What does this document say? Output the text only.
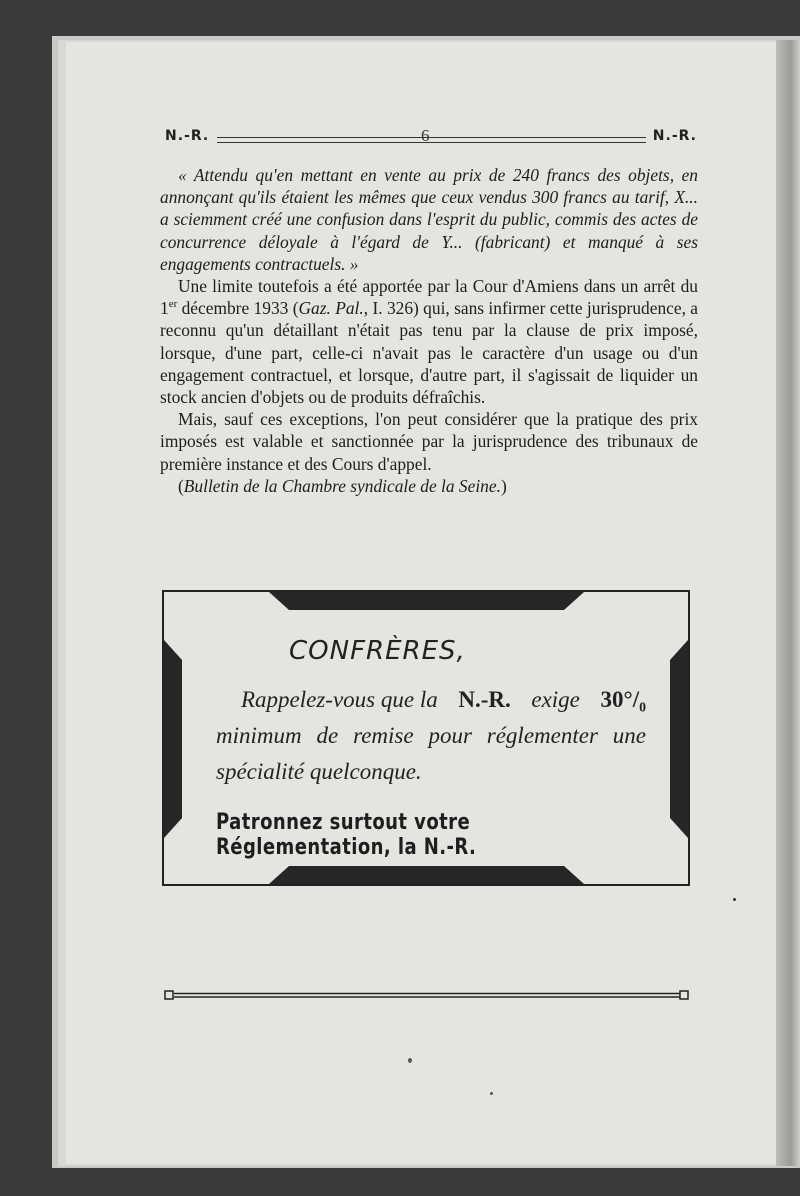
N.-R.	6	N.-R.

« Attendu qu'en mettant en vente au prix de 240 francs des objets, en annonçant qu'ils étaient les mêmes que ceux vendus 300 francs au tarif, X... a sciemment créé une confusion dans l'esprit du public, commis des actes de concurrence déloyale à l'égard de Y... (fabricant) et manqué à ses engagements contractuels. »

Une limite toutefois a été apportée par la Cour d'Amiens dans un arrêt du 1er décembre 1933 (Gaz. Pal., I. 326) qui, sans infirmer cette jurisprudence, a reconnu qu'un détaillant n'était pas tenu par la clause de prix imposé, lorsque, d'une part, celle-ci n'avait pas le caractère d'un usage ou d'un engagement contractuel, et lorsque, d'autre part, il s'agissait de liquider un stock ancien d'objets ou de produits défraîchis.

Mais, sauf ces exceptions, l'on peut considérer que la pratique des prix imposés est valable et sanctionnée par la jurisprudence des tribunaux de première instance et des Cours d'appel.

(Bulletin de la Chambre syndicale de la Seine.)

CONFRÈRES,
Rappelez-vous que la N.-R. exige 30°/₀
minimum de remise pour réglementer une
spécialité quelconque.
Patronnez surtout votre Réglementation, la N.-R.
